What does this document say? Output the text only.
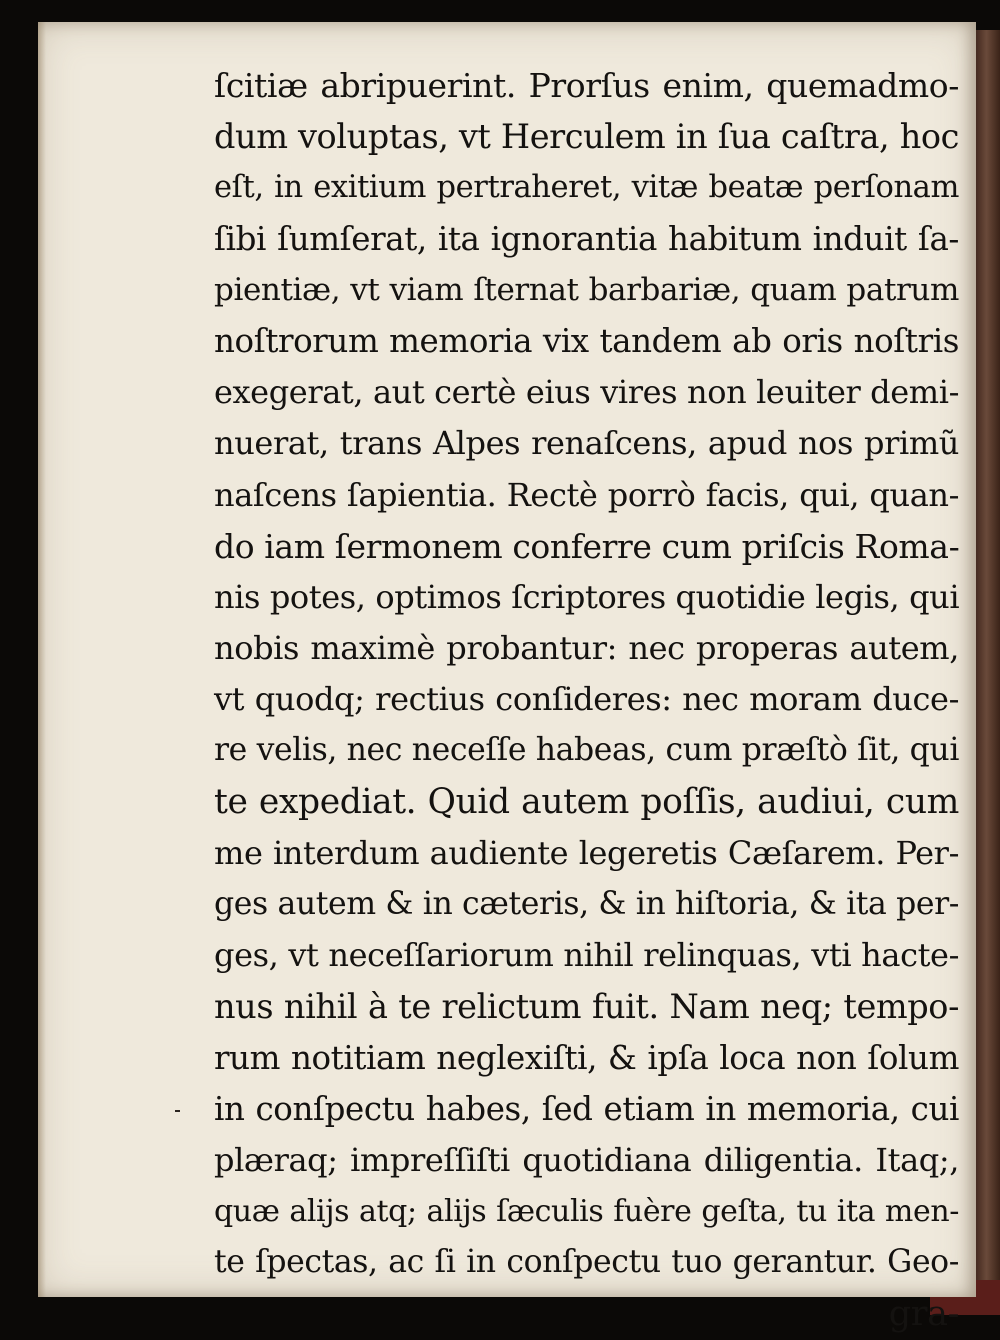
ſcitiæ abripuerint. Prorſus enim, quemadmo-
dum voluptas, vt Herculem in ſua caſtra, hoc
eſt, in exitium pertraheret, vitæ beatæ perſonam
ſibi ſumſerat, ita ignorantia habitum induit ſa-
pientiæ, vt viam ſternat barbariæ, quam patrum
noſtrorum memoria vix tandem ab oris noſtris
exegerat, aut certè eius vires non leuiter demi-
nuerat, trans Alpes renaſcens, apud nos primũ
naſcens ſapientia. Rectè porrò facis, qui, quan-
do iam ſermonem conferre cum priſcis Roma-
nis potes, optimos ſcriptores quotidie legis, qui
nobis maximè probantur: nec properas autem,
vt quodq; rectius conſideres: nec moram duce-
re velis, nec neceſſe habeas, cum præſtò ſit, qui
te expediat. Quid autem poſſis, audiui, cum
me interdum audiente legeretis Cæſarem. Per-
ges autem & in cæteris, & in hiſtoria, & ita per-
ges, vt neceſſariorum nihil relinquas, vti hacte-
nus nihil à te relictum fuit. Nam neq; tempo-
rum notitiam neglexiſti, & ipſa loca non ſolum
in conſpectu habes, ſed etiam in memoria, cui
plæraq; impreſſiſti quotidiana diligentia. Itaq;,
quæ alijs atq; alijs ſæculis fuère geſta, tu ita men-
te ſpectas, ac ſi in conſpectu tuo gerantur. Geo-
gra-
